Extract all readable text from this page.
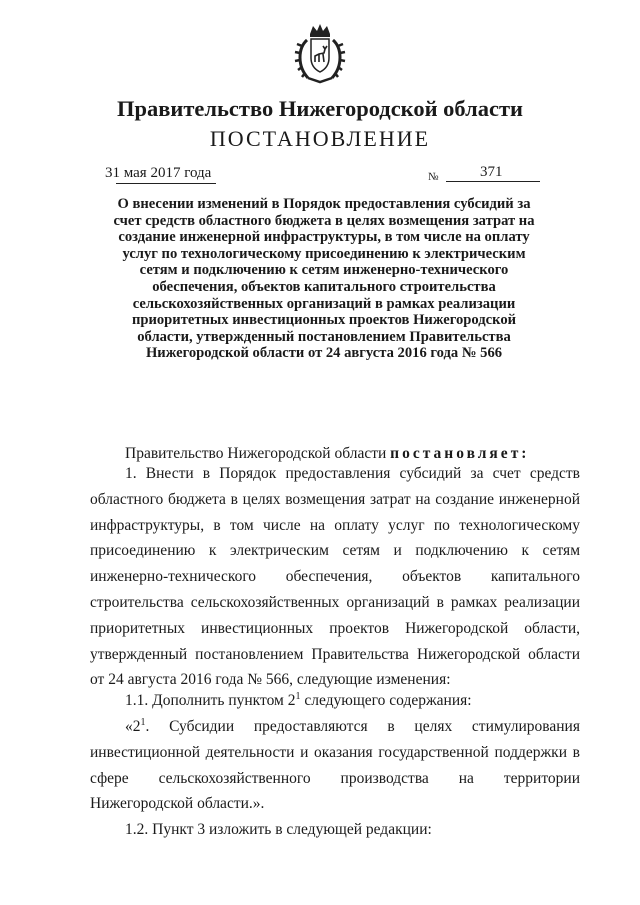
Правительство Нижегородской области
ПОСТАНОВЛЕНИЕ
31 мая 2017 года	№	371

О внесении изменений в Порядок предоставления субсидий за счет средств областного бюджета в целях возмещения затрат на создание инженерной инфраструктуры, в том числе на оплату услуг по технологическому присоединению к электрическим сетям и подключению к сетям инженерно-технического обеспечения, объектов капитального строительства сельскохозяйственных организаций в рамках реализации приоритетных инвестиционных проектов Нижегородской области, утвержденный постановлением Правительства Нижегородской области от 24 августа 2016 года № 566

Правительство Нижегородской области постановляет:

1. Внести в Порядок предоставления субсидий за счет средств областного бюджета в целях возмещения затрат на создание инженерной инфраструктуры, в том числе на оплату услуг по технологическому присоединению к электрическим сетям и подключению к сетям инженерно-технического обеспечения, объектов капитального строительства сельскохозяйственных организаций в рамках реализации приоритетных инвестиционных проектов Нижегородской области, утвержденный постановлением Правительства Нижегородской области от 24 августа 2016 года № 566, следующие изменения:

1.1. Дополнить пунктом $2^1$ следующего содержания:

«$2^1$. Субсидии предоставляются в целях стимулирования инвестиционной деятельности и оказания государственной поддержки в сфере сельскохозяйственного производства на территории Нижегородской области.».

1.2. Пункт 3 изложить в следующей редакции:
